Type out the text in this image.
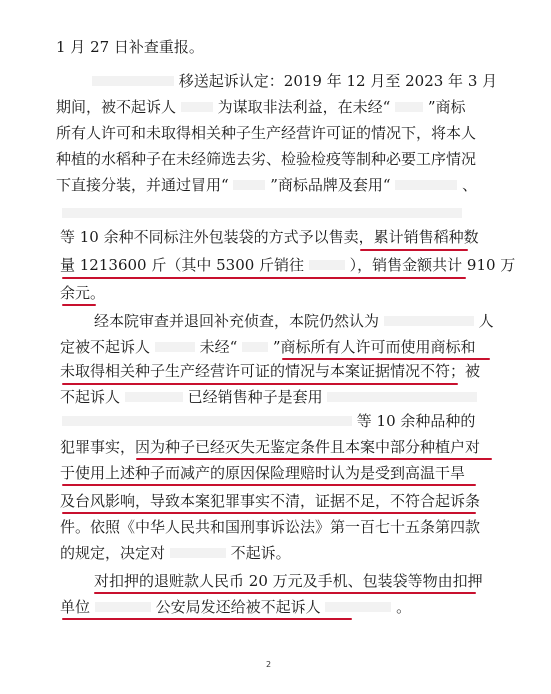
1 月 27 日补查重报。
移送起诉认定：2019 年 12 月至 2023 年 3 月
期间，被不起诉人	为谋取非法利益，在未经“	”商标
所有人许可和未取得相关种子生产经营许可证的情况下，将本人
种植的水稻种子在未经筛选去劣、检验检疫等制种必要工序情况
下直接分装，并通过冒用“	”商标品牌及套用“	、
等 10 余种不同标注外包装袋的方式予以售卖，累计销售稻种数
量 1213600 斤（其中 5300 斤销往	），销售金额共计 910 万
余元。
经本院审查并退回补充侦查，本院仍然认为	人
定被不起诉人	未经“ ”商标所有人许可而使用商标和
未取得相关种子生产经营许可证的情况与本案证据情况不符；被
不起诉人	已经销售种子是套用
等 10 余种品种的
犯罪事实，因为种子已经灭失无鉴定条件且本案中部分种植户对
于使用上述种子而减产的原因保险理赔时认为是受到高温干旱
及台风影响，导致本案犯罪事实不清，证据不足，不符合起诉条
件。依照《中华人民共和国刑事诉讼法》第一百七十五条第四款
的规定，决定对	不起诉。
对扣押的退赃款人民币 20 万元及手机、包装袋等物由扣押
单位	公安局发还给被不起诉人	。
2
